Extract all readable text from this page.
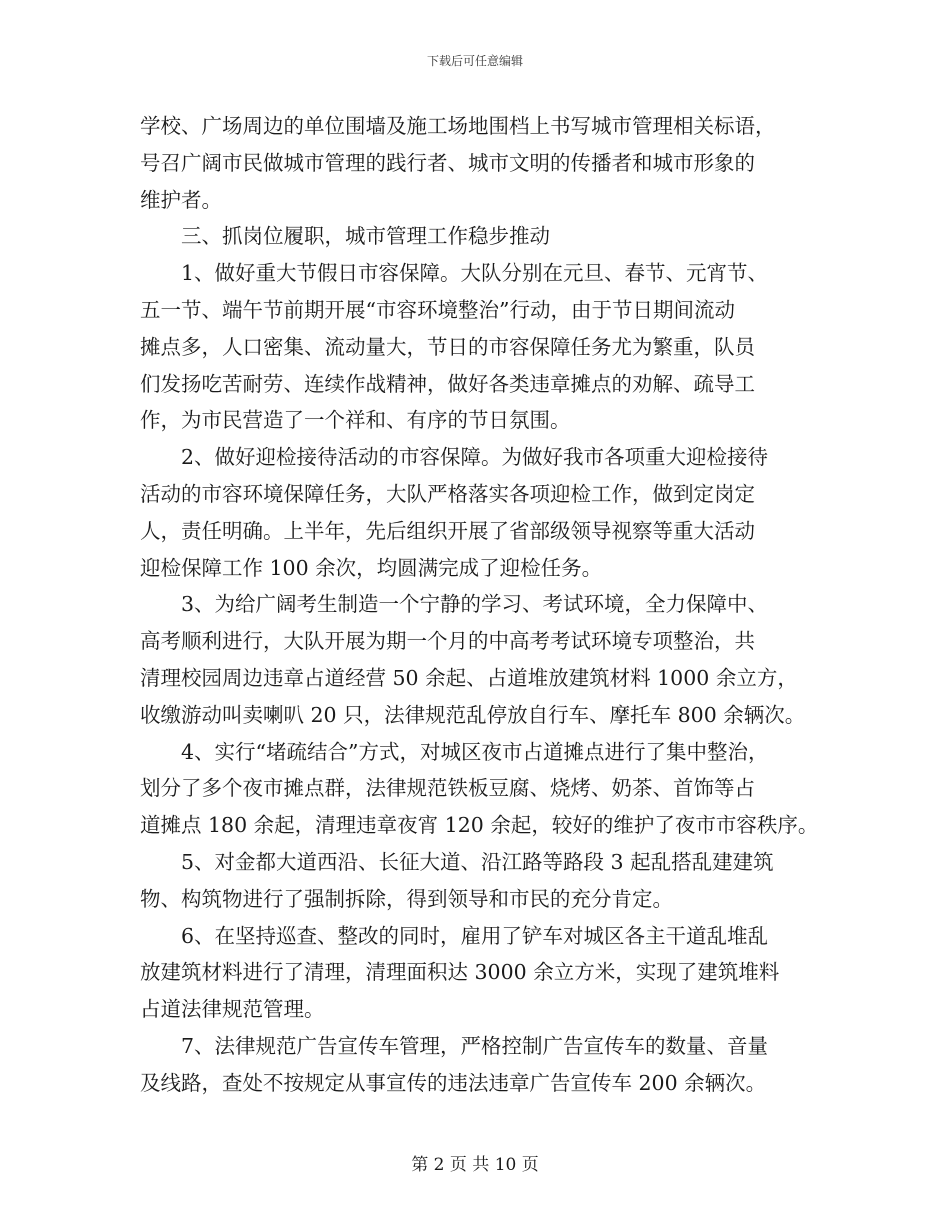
下载后可任意编辑
学校、广场周边的单位围墙及施工场地围档上书写城市管理相关标语，
号召广阔市民做城市管理的践行者、城市文明的传播者和城市形象的
维护者。
三、抓岗位履职，城市管理工作稳步推动
1、做好重大节假日市容保障。大队分别在元旦、春节、元宵节、
五一节、端午节前期开展“市容环境整治”行动，由于节日期间流动
摊点多，人口密集、流动量大，节日的市容保障任务尤为繁重，队员
们发扬吃苦耐劳、连续作战精神，做好各类违章摊点的劝解、疏导工
作，为市民营造了一个祥和、有序的节日氛围。
2、做好迎检接待活动的市容保障。为做好我市各项重大迎检接待
活动的市容环境保障任务，大队严格落实各项迎检工作，做到定岗定
人，责任明确。上半年，先后组织开展了省部级领导视察等重大活动
迎检保障工作 100 余次，均圆满完成了迎检任务。
3、为给广阔考生制造一个宁静的学习、考试环境，全力保障中、
高考顺利进行，大队开展为期一个月的中高考考试环境专项整治，共
清理校园周边违章占道经营 50 余起、占道堆放建筑材料 1000 余立方，
收缴游动叫卖喇叭 20 只，法律规范乱停放自行车、摩托车 800 余辆次。
4、实行“堵疏结合”方式，对城区夜市占道摊点进行了集中整治，
划分了多个夜市摊点群，法律规范铁板豆腐、烧烤、奶茶、首饰等占
道摊点 180 余起，清理违章夜宵 120 余起，较好的维护了夜市市容秩序。
5、对金都大道西沿、长征大道、沿江路等路段 3 起乱搭乱建建筑
物、构筑物进行了强制拆除，得到领导和市民的充分肯定。
6、在坚持巡查、整改的同时，雇用了铲车对城区各主干道乱堆乱
放建筑材料进行了清理，清理面积达 3000 余立方米，实现了建筑堆料
占道法律规范管理。
7、法律规范广告宣传车管理，严格控制广告宣传车的数量、音量
及线路，查处不按规定从事宣传的违法违章广告宣传车 200 余辆次。
第 2 页 共 10 页
